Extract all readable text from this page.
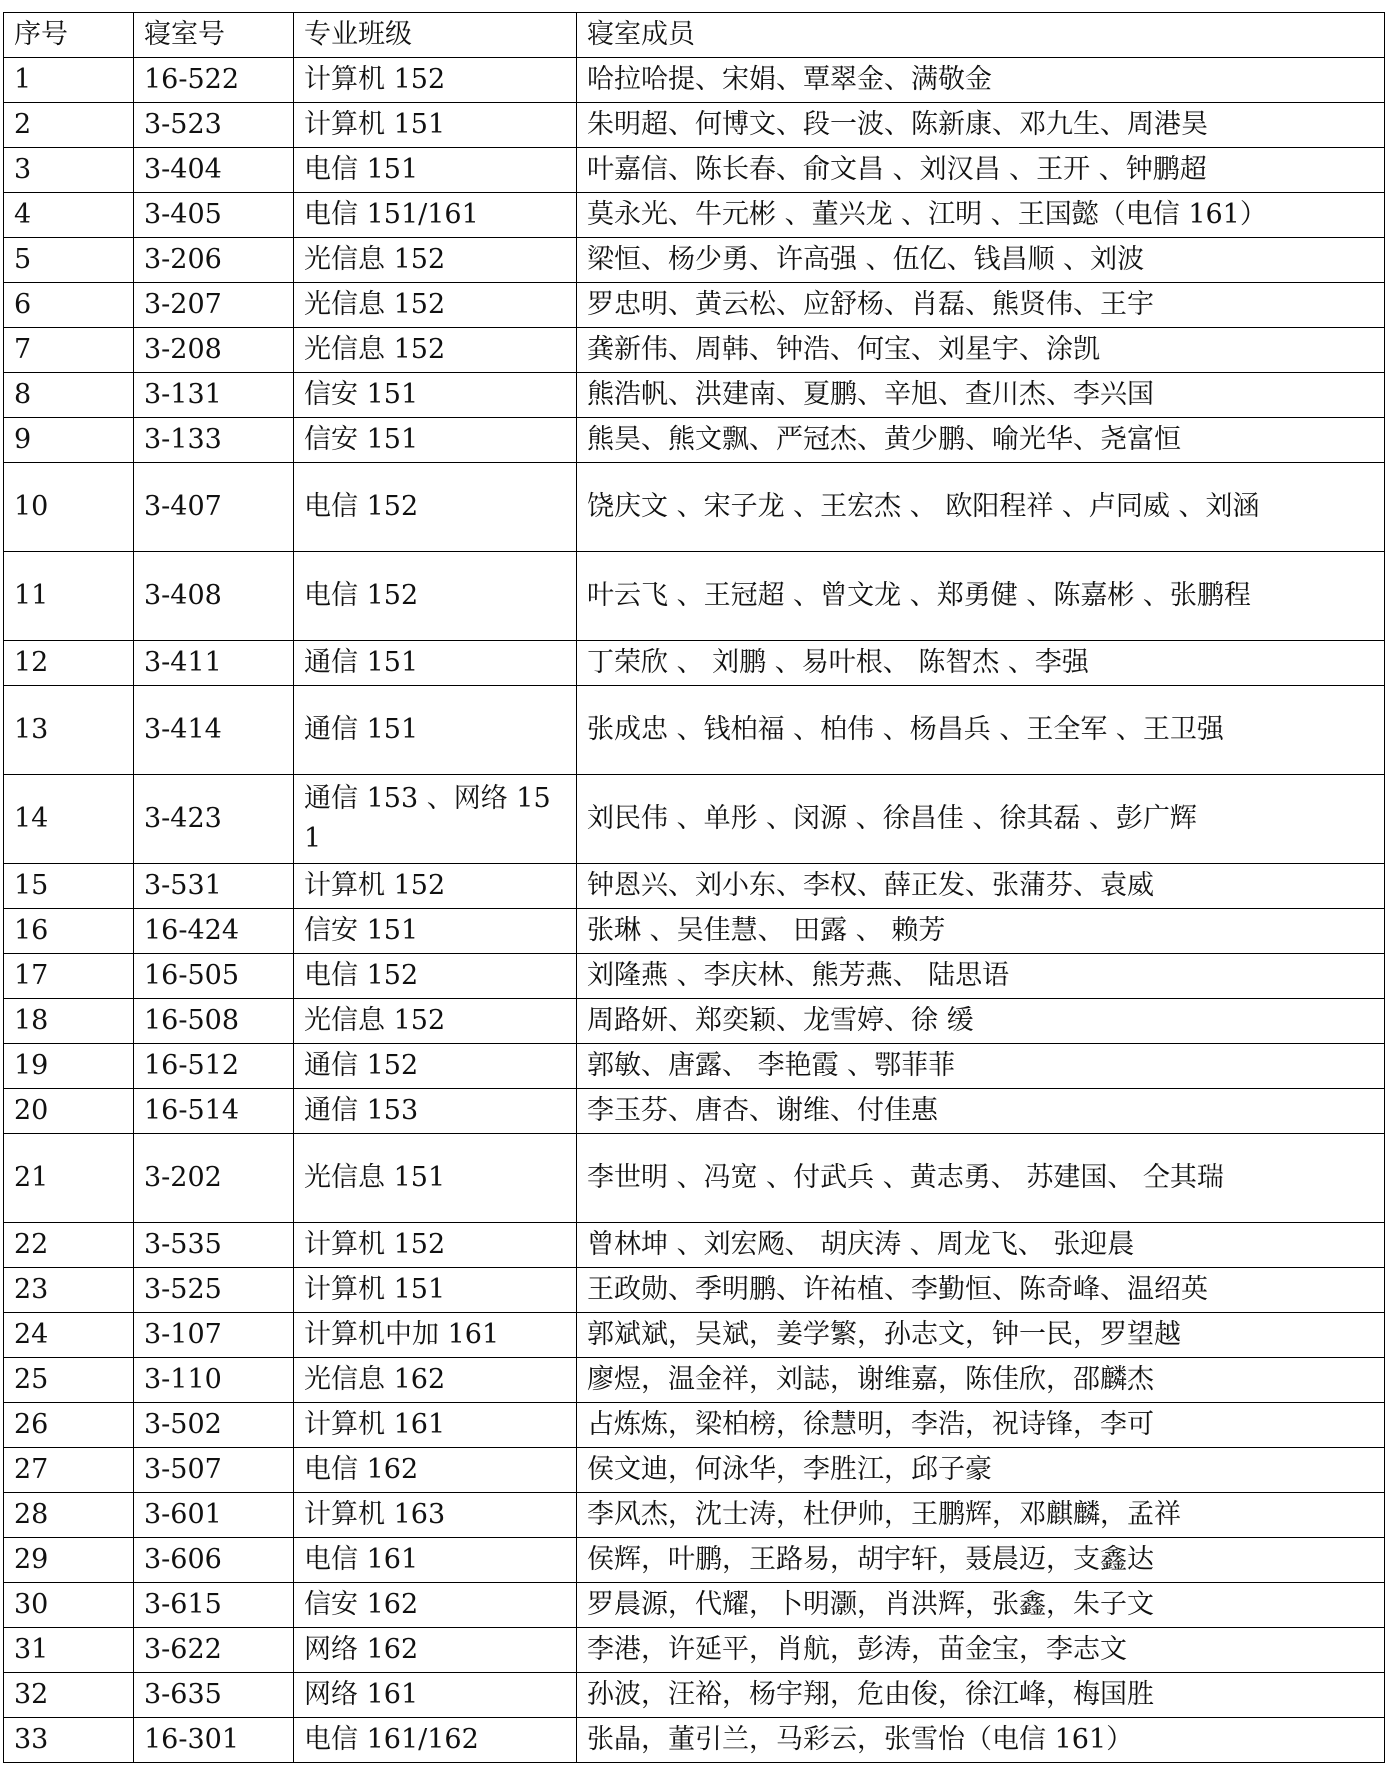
序号	寝室号	专业班级	寝室成员
1	16-522	计算机 152	哈拉哈提、宋娟、覃翠金、满敬金
2	3-523	计算机 151	朱明超、何博文、段一波、陈新康、邓九生、周港昊
3	3-404	电信 151	叶嘉信、陈长春、俞文昌 、刘汉昌 、王开 、钟鹏超
4	3-405	电信 151/161	莫永光、牛元彬 、董兴龙 、江明 、王国懿（电信 161）
5	3-206	光信息 152	梁恒、杨少勇、许高强 、伍亿、钱昌顺 、刘波
6	3-207	光信息 152	罗忠明、黄云松、应舒杨、肖磊、熊贤伟、王宇
7	3-208	光信息 152	龚新伟、周韩、钟浩、何宝、刘星宇、涂凯
8	3-131	信安 151	熊浩帆、洪建南、夏鹏、辛旭、查川杰、李兴国
9	3-133	信安 151	熊昊、熊文飘、严冠杰、黄少鹏、喻光华、尧富恒
10	3-407	电信 152	饶庆文 、宋子龙 、王宏杰 、 欧阳程祥 、卢同威 、刘涵
11	3-408	电信 152	叶云飞 、王冠超 、曾文龙 、郑勇健 、陈嘉彬 、张鹏程
12	3-411	通信 151	丁荣欣 、 刘鹏 、易叶根、 陈智杰 、李强
13	3-414	通信 151	张成忠 、钱柏福 、柏伟 、杨昌兵 、王全军 、王卫强
14	3-423	通信 153 、网络 151	刘民伟 、单彤 、闵源 、徐昌佳 、徐其磊 、彭广辉
15	3-531	计算机 152	钟恩兴、刘小东、李权、薛正发、张蒲芬、袁威
16	16-424	信安 151	张琳 、吴佳慧、 田露 、 赖芳
17	16-505	电信 152	刘隆燕 、李庆林、熊芳燕、 陆思语
18	16-508	光信息 152	周路妍、郑奕颖、龙雪婷、徐 缓
19	16-512	通信 152	郭敏、唐露、 李艳霞 、鄂菲菲
20	16-514	通信 153	李玉芬、唐杏、谢维、付佳惠
21	3-202	光信息 151	李世明 、冯宽 、付武兵 、黄志勇、 苏建国、 仝其瑞
22	3-535	计算机 152	曾林坤 、刘宏飏、 胡庆涛 、周龙飞、 张迎晨
23	3-525	计算机 151	王政勋、季明鹏、许祐植、李勤恒、陈奇峰、温绍英
24	3-107	计算机中加 161	郭斌斌，吴斌，姜学繁，孙志文，钟一民，罗望越
25	3-110	光信息 162	廖煜，温金祥，刘誌，谢维嘉，陈佳欣，邵麟杰
26	3-502	计算机 161	占炼炼，梁柏榜，徐慧明，李浩，祝诗锋，李可
27	3-507	电信 162	侯文迪，何泳华，李胜江，邱子豪
28	3-601	计算机 163	李风杰，沈士涛，杜伊帅，王鹏辉，邓麒麟，孟祥
29	3-606	电信 161	侯辉，叶鹏，王路易，胡宇轩，聂晨迈，支鑫达
30	3-615	信安 162	罗晨源，代耀，卜明灏，肖洪辉，张鑫，朱子文
31	3-622	网络 162	李港，许延平，肖航，彭涛，苗金宝，李志文
32	3-635	网络 161	孙波，汪裕，杨宇翔，危由俊，徐江峰，梅国胜
33	16-301	电信 161/162	张晶，董引兰，马彩云，张雪怡（电信 161）
